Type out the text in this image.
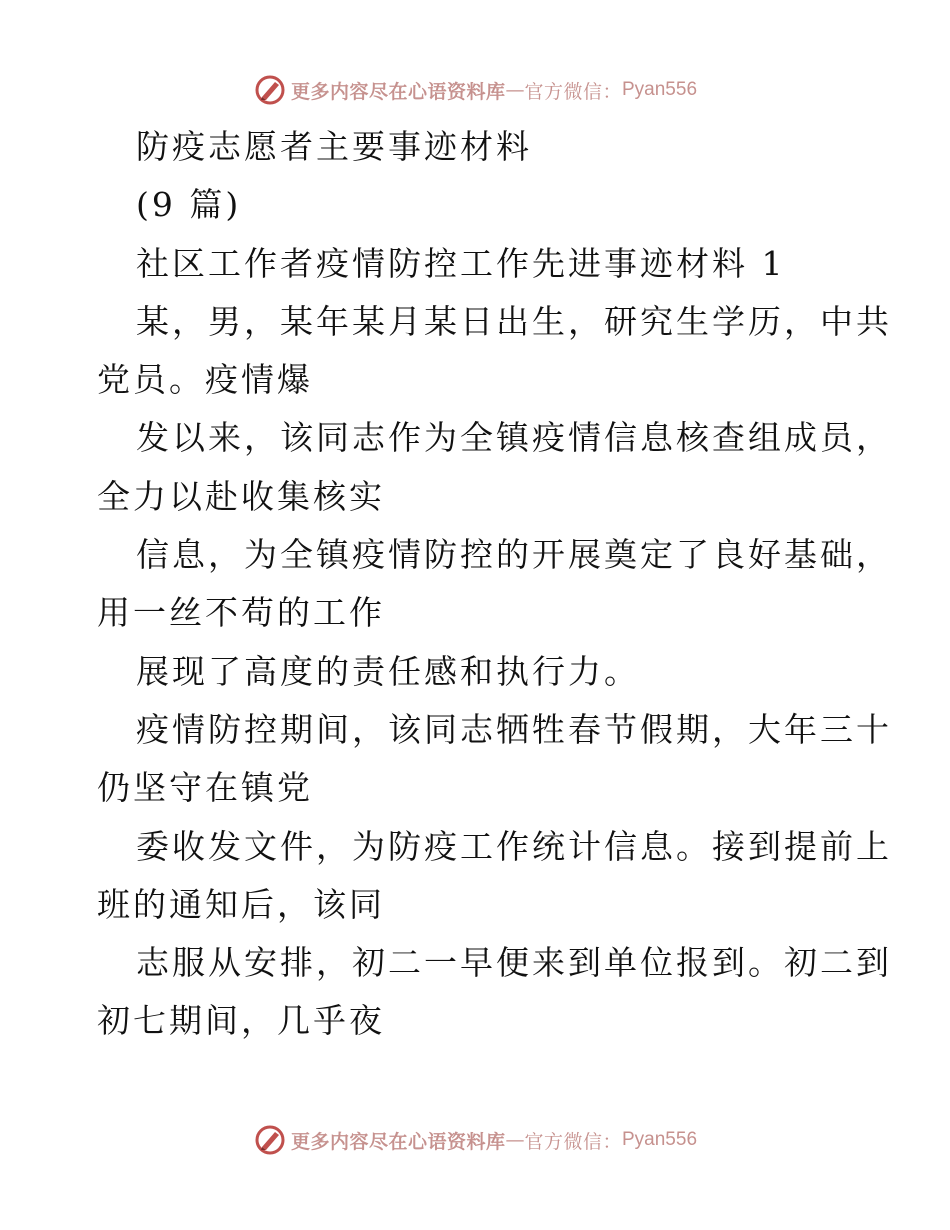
更多内容尽在心语资料库 — 官方微信： Pyan556
防疫志愿者主要事迹材料
(9 篇)
社区工作者疫情防控工作先进事迹材料 1
某，男，某年某月某日出生，研究生学历，中共
党员。疫情爆
发以来，该同志作为全镇疫情信息核查组成员，
全力以赴收集核实
信息，为全镇疫情防控的开展奠定了良好基础，
用一丝不苟的工作
展现了高度的责任感和执行力。
疫情防控期间，该同志牺牲春节假期，大年三十
仍坚守在镇党
委收发文件，为防疫工作统计信息。接到提前上
班的通知后，该同
志服从安排，初二一早便来到单位报到。初二到
初七期间，几乎夜
更多内容尽在心语资料库 — 官方微信： Pyan556
